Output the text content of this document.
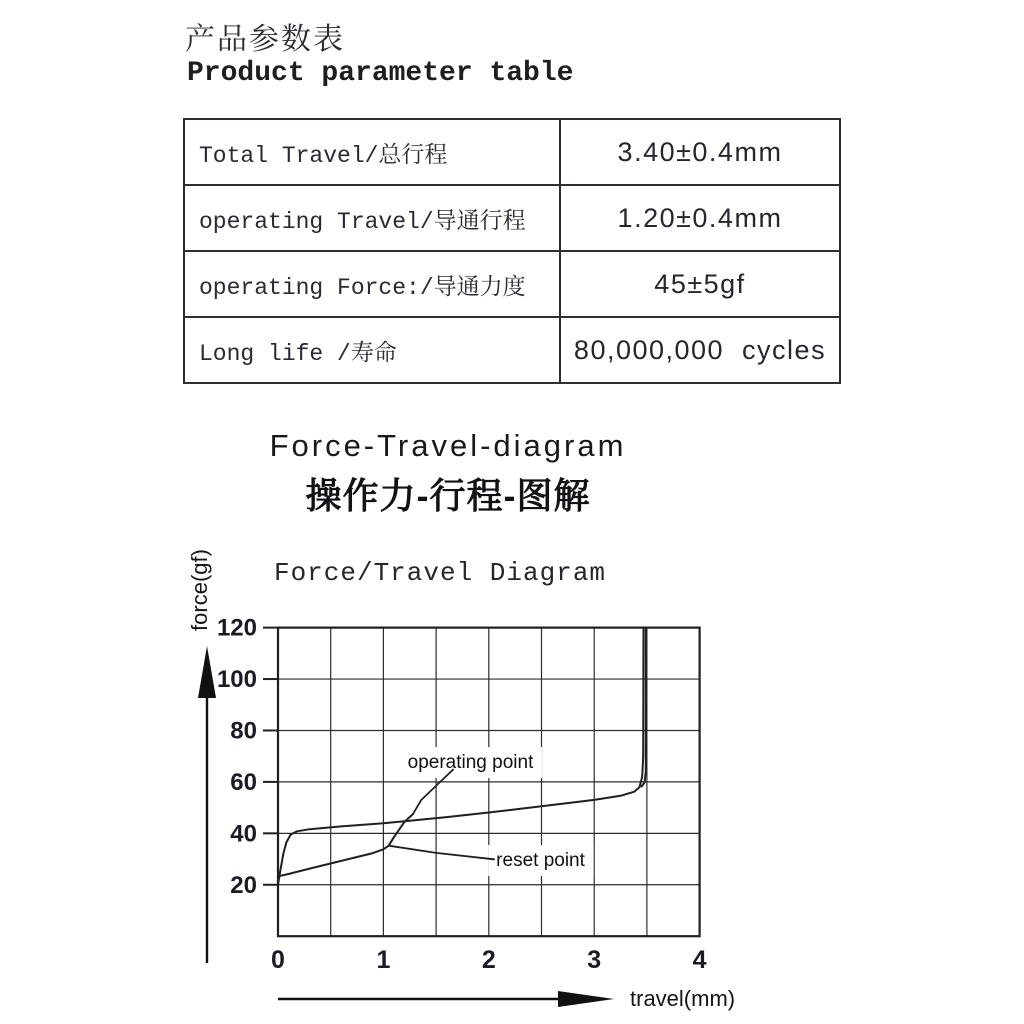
产品参数表
Product parameter table
Total Travel/总行程	3.40±0.4mm
operating Travel/导通行程	1.20±0.4mm
operating Force:/导通力度	45±5gf
Long life /寿命	80,000,000  cycles
Force-Travel-diagram
操作力-行程-图解
20
40
60
80
100
120
0	1	2	3	4
Force/Travel Diagram
force(gf)
travel(mm)
operating point
reset point
